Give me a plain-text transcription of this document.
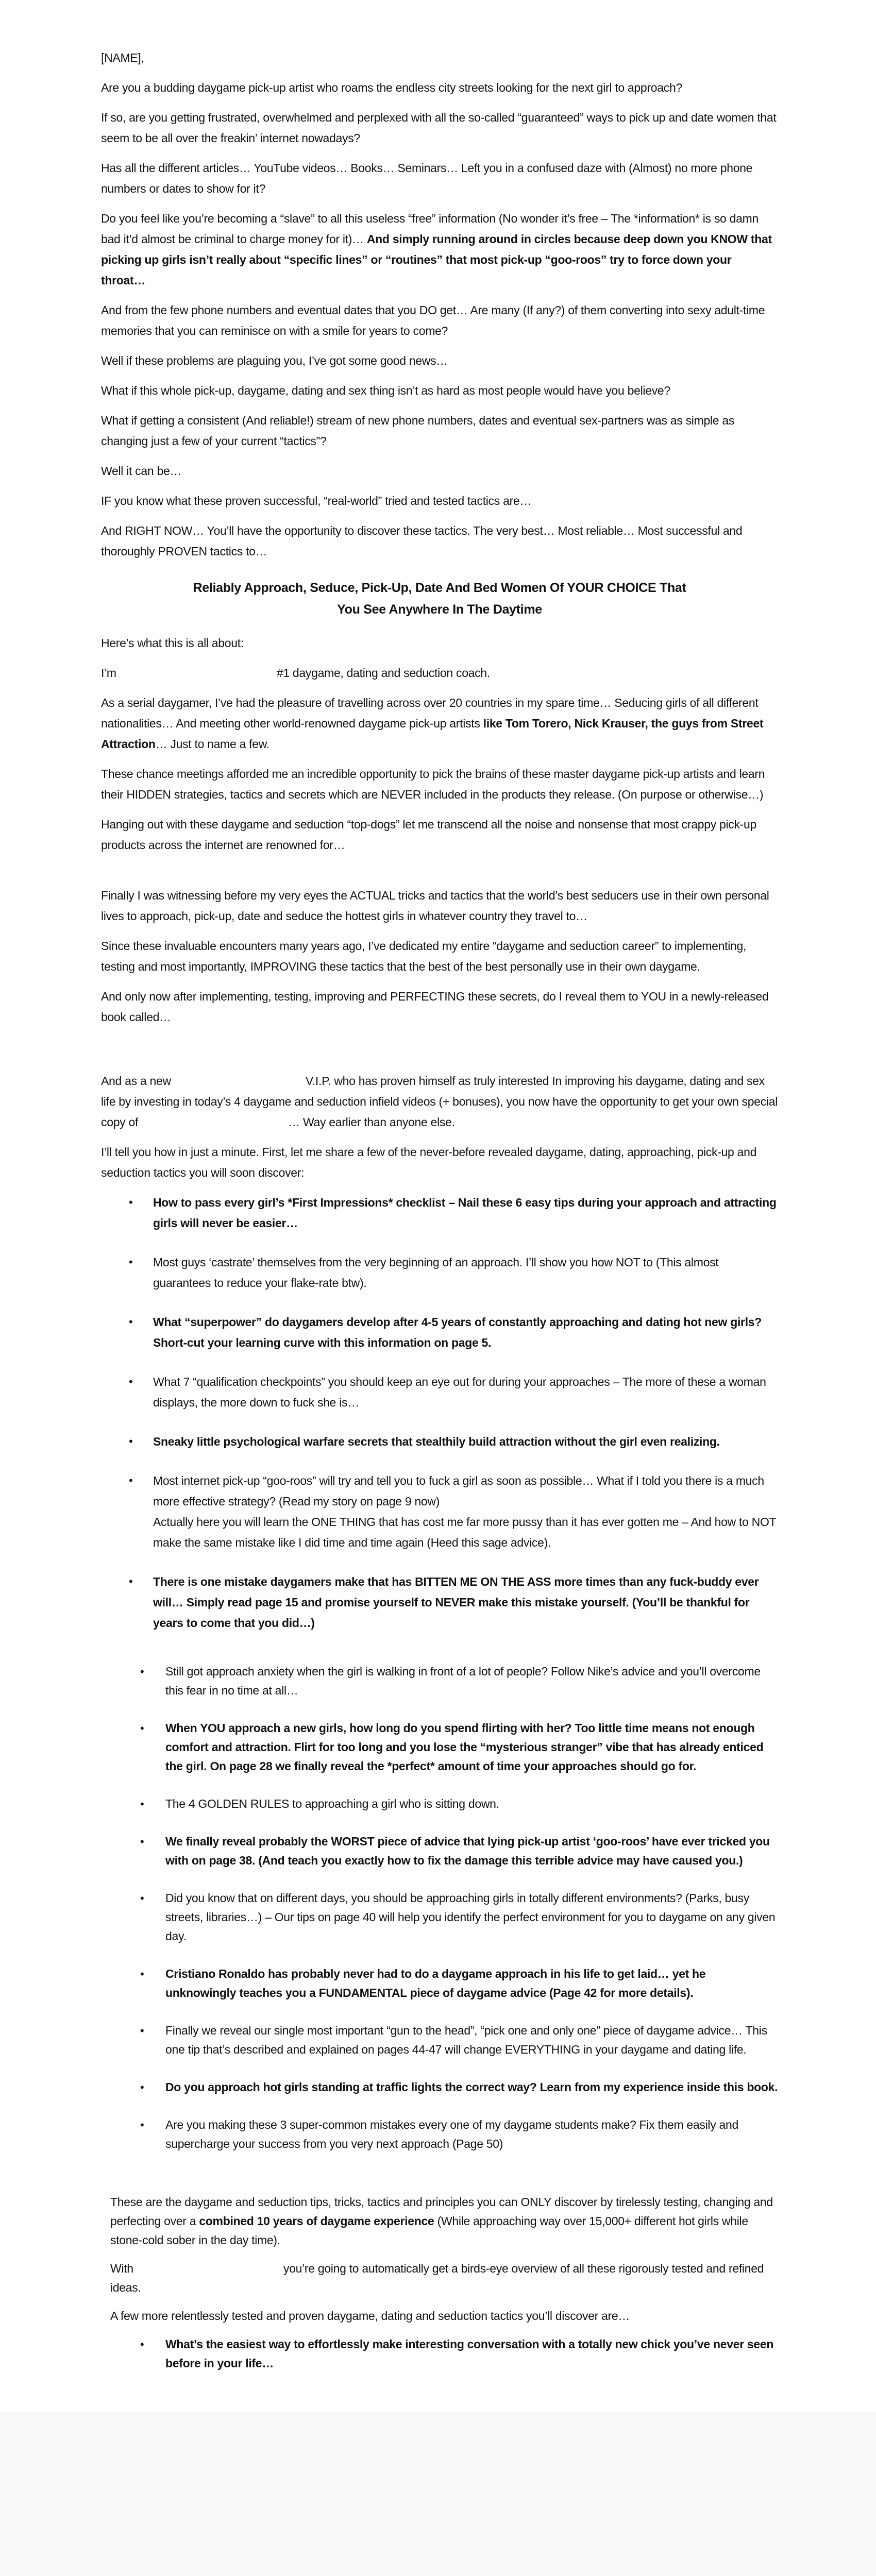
[NAME],
Are you a budding daygame pick-up artist who roams the endless city streets looking for the next girl to approach?
If so, are you getting frustrated, overwhelmed and perplexed with all the so-called “guaranteed” ways to pick up and date women that seem to be all over the freakin’ internet nowadays?
Has all the different articles… YouTube videos… Books… Seminars… Left you in a confused daze with (Almost) no more phone numbers or dates to show for it?
Do you feel like you’re becoming a “slave” to all this useless “free” information (No wonder it’s free – The *information* is so damn bad it’d almost be criminal to charge money for it)… And simply running around in circles because deep down you KNOW that picking up girls isn’t really about “specific lines” or “routines” that most pick-up “goo-roos” try to force down your throat…
And from the few phone numbers and eventual dates that you DO get… Are many (If any?) of them converting into sexy adult-time memories that you can reminisce on with a smile for years to come?
Well if these problems are plaguing you, I’ve got some good news…
What if this whole pick-up, daygame, dating and sex thing isn’t as hard as most people would have you believe?
What if getting a consistent (And reliable!) stream of new phone numbers, dates and eventual sex-partners was as simple as changing just a few of your current “tactics”?
Well it can be…
IF you know what these proven successful, “real-world” tried and tested tactics are…
And RIGHT NOW… You’ll have the opportunity to discover these tactics. The very best… Most reliable… Most successful and thoroughly PROVEN tactics to…
Reliably Approach, Seduce, Pick-Up, Date And Bed Women Of YOUR CHOICE That
You See Anywhere In The Daytime
Here’s what this is all about:
I’m	#1 daygame, dating and seduction coach.
As a serial daygamer, I’ve had the pleasure of travelling across over 20 countries in my spare time… Seducing girls of all different nationalities… And meeting other world-renowned daygame pick-up artists like Tom Torero, Nick Krauser, the guys from Street Attraction… Just to name a few.
These chance meetings afforded me an incredible opportunity to pick the brains of these master daygame pick-up artists and learn their HIDDEN strategies, tactics and secrets which are NEVER included in the products they release. (On purpose or otherwise…)
Hanging out with these daygame and seduction “top-dogs” let me transcend all the noise and nonsense that most crappy pick-up products across the internet are renowned for…
Finally I was witnessing before my very eyes the ACTUAL tricks and tactics that the world’s best seducers use in their own personal lives to approach, pick-up, date and seduce the hottest girls in whatever country they travel to…
Since these invaluable encounters many years ago, I’ve dedicated my entire “daygame and seduction career” to implementing, testing and most importantly, IMPROVING these tactics that the best of the best personally use in their own daygame.
And only now after implementing, testing, improving and PERFECTING these secrets, do I reveal them to YOU in a newly-released book called…
And as a new	V.I.P. who has proven himself as truly interested In improving his daygame, dating and sex life by investing in today’s 4 daygame and seduction infield videos (+ bonuses), you now have the opportunity to get your own special copy of	… Way earlier than anyone else.
I’ll tell you how in just a minute. First, let me share a few of the never-before revealed daygame, dating, approaching, pick-up and seduction tactics you will soon discover:
• How to pass every girl’s *First Impressions* checklist – Nail these 6 easy tips during your approach and attracting girls will never be easier…
• Most guys ‘castrate’ themselves from the very beginning of an approach. I’ll show you how NOT to (This almost guarantees to reduce your flake-rate btw).
• What “superpower” do daygamers develop after 4-5 years of constantly approaching and dating hot new girls? Short-cut your learning curve with this information on page 5.
• What 7 “qualification checkpoints” you should keep an eye out for during your approaches – The more of these a woman displays, the more down to fuck she is…
• Sneaky little psychological warfare secrets that stealthily build attraction without the girl even realizing.
• Most internet pick-up “goo-roos” will try and tell you to fuck a girl as soon as possible… What if I told you there is a much more effective strategy? (Read my story on page 9 now)
Actually here you will learn the ONE THING that has cost me far more pussy than it has ever gotten me – And how to NOT make the same mistake like I did time and time again (Heed this sage advice).
• There is one mistake daygamers make that has BITTEN ME ON THE ASS more times than any fuck-buddy ever will… Simply read page 15 and promise yourself to NEVER make this mistake yourself. (You’ll be thankful for years to come that you did…)
• Still got approach anxiety when the girl is walking in front of a lot of people? Follow Nike’s advice and you’ll overcome this fear in no time at all…
• When YOU approach a new girls, how long do you spend flirting with her? Too little time means not enough comfort and attraction. Flirt for too long and you lose the “mysterious stranger” vibe that has already enticed the girl. On page 28 we finally reveal the *perfect* amount of time your approaches should go for.
• The 4 GOLDEN RULES to approaching a girl who is sitting down.
• We finally reveal probably the WORST piece of advice that lying pick-up artist ‘goo-roos’ have ever tricked you with on page 38. (And teach you exactly how to fix the damage this terrible advice may have caused you.)
• Did you know that on different days, you should be approaching girls in totally different environments? (Parks, busy streets, libraries…) – Our tips on page 40 will help you identify the perfect environment for you to daygame on any given day.
• Cristiano Ronaldo has probably never had to do a daygame approach in his life to get laid… yet he unknowingly teaches you a FUNDAMENTAL piece of daygame advice (Page 42 for more details).
• Finally we reveal our single most important “gun to the head”, “pick one and only one” piece of daygame advice… This one tip that’s described and explained on pages 44-47 will change EVERYTHING in your daygame and dating life.
• Do you approach hot girls standing at traffic lights the correct way? Learn from my experience inside this book.
• Are you making these 3 super-common mistakes every one of my daygame students make? Fix them easily and supercharge your success from you very next approach (Page 50)
These are the daygame and seduction tips, tricks, tactics and principles you can ONLY discover by tirelessly testing, changing and perfecting over a combined 10 years of daygame experience (While approaching way over 15,000+ different hot girls while stone-cold sober in the day time).
With	you’re going to automatically get a birds-eye overview of all these rigorously tested and refined ideas.
A few more relentlessly tested and proven daygame, dating and seduction tactics you’ll discover are…
• What’s the easiest way to effortlessly make interesting conversation with a totally new chick you’ve never seen before in your life…
